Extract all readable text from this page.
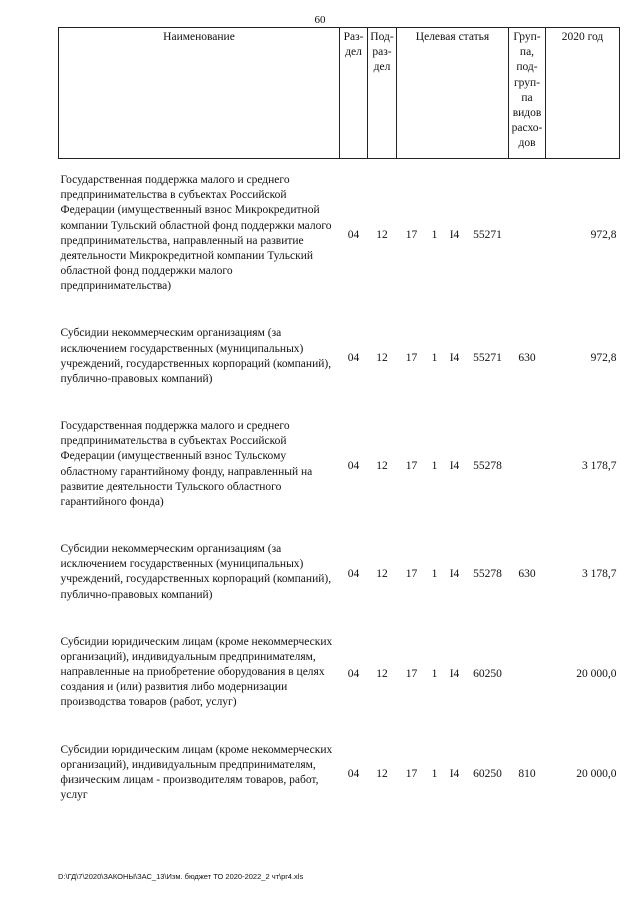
60
Наименование	Раз-дел	Под-раз-дел	Целевая статья				Груп-па, под-груп-па видов расхо-дов	2020 год
Государственная поддержка малого и среднего предпринимательства в субъектах Российской Федерации (имущественный взнос Микрокредитной компании Тульский областной фонд поддержки малого предпринимательства, направленный на развитие деятельности Микрокредитной компании Тульский областной фонд поддержки малого предпринимательства)	04	12	17	1	I4	55271		972,8
Субсидии некоммерческим организациям (за исключением государственных (муниципальных) учреждений, государственных корпораций (компаний), публично-правовых компаний)	04	12	17	1	I4	55271	630	972,8
Государственная поддержка малого и среднего предпринимательства в субъектах Российской Федерации (имущественный взнос Тульскому областному гарантийному фонду, направленный на развитие деятельности Тульского областного гарантийного фонда)	04	12	17	1	I4	55278		3 178,7
Субсидии некоммерческим организациям (за исключением государственных (муниципальных) учреждений, государственных корпораций (компаний), публично-правовых компаний)	04	12	17	1	I4	55278	630	3 178,7
Субсидии юридическим лицам (кроме некоммерческих организаций), индивидуальным предпринимателям, направленные на приобретение оборудования в целях создания и (или) развития либо модернизации производства товаров (работ, услуг)	04	12	17	1	I4	60250		20 000,0
Субсидии юридическим лицам (кроме некоммерческих организаций), индивидуальным предпринимателям, физическим лицам - производителям товаров, работ, услуг	04	12	17	1	I4	60250	810	20 000,0
D:\ГД\7\2020\ЗАКОНЫ\ЗАС_13\Изм. бюджет ТО 2020-2022_2 чт\pr4.xls
